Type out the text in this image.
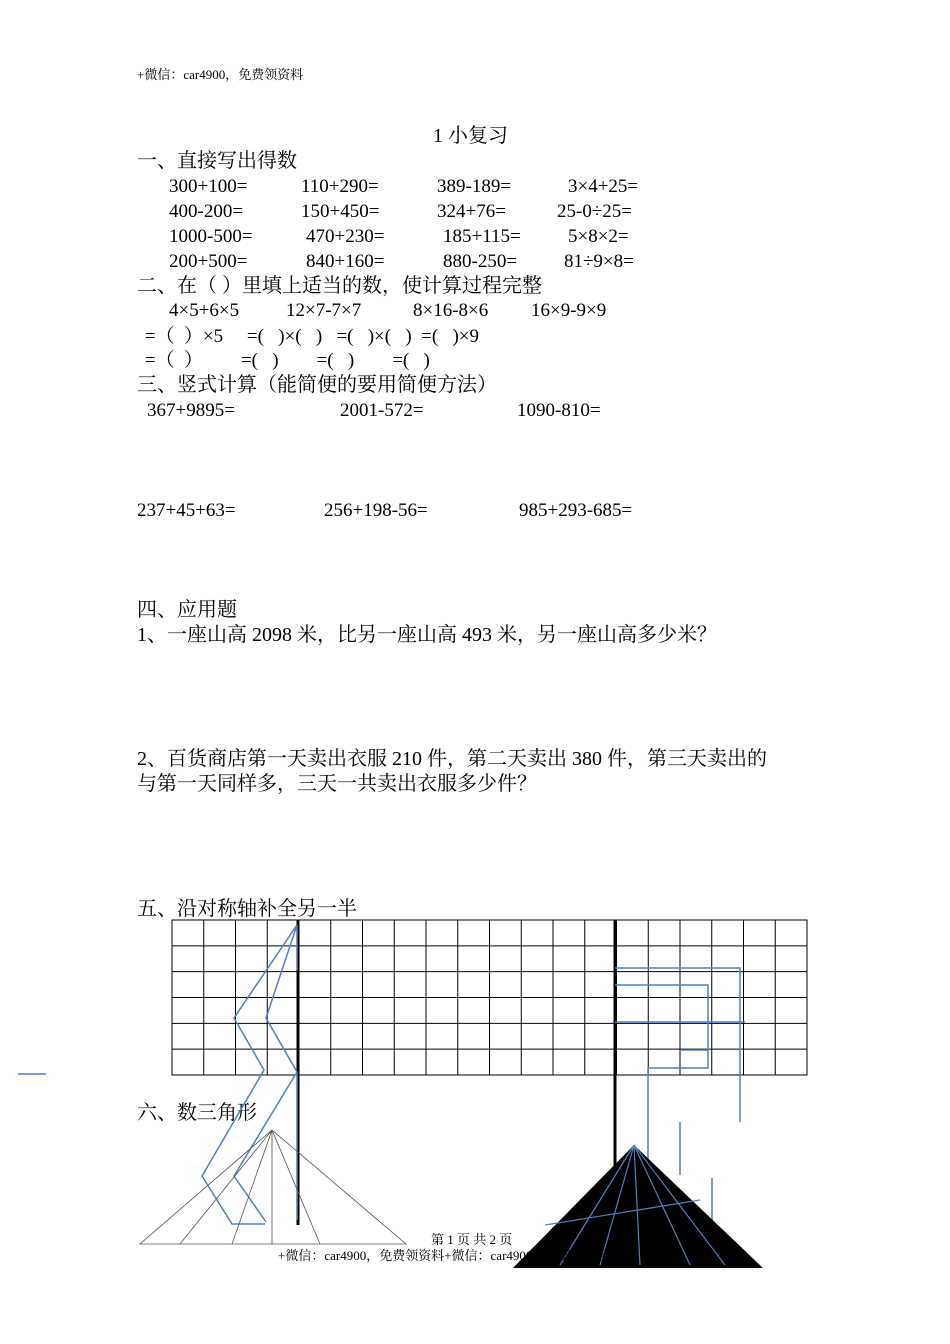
+微信：car4900，免费领资料
1 小复习
一、直接写出得数
300+100=	110+290=	389-189=	3×4+25=
400-200=	150+450=	324+76=	25-0÷25=
1000-500=	470+230=	185+115= 5×8×2=
200+500=	840+160=	880-250= 81÷9×8=
二、在（ ）里填上适当的数，使计算过程完整
4×5+6×5 12×7-7×7	8×16-8×6 16×9-9×9
=（  ）×5     =(   )×(   )   =(   )×(   )  =(   )×9
=（  ）        =(   )        =(   )        =(   )
三、竖式计算（能简便的要用简便方法）
367+9895=	2001-572=	1090-810=
237+45+63=	256+198-56=	985+293-685=
四、应用题
1、一座山高 2098 米，比另一座山高 493 米，另一座山高多少米？
2、百货商店第一天卖出衣服 210 件，第二天卖出 380 件，第三天卖出的
与第一天同样多，三天一共卖出衣服多少件？
五、沿对称轴补全另一半
六、数三角形
第 1 页 共 2 页
+微信：car4900，免费领资料+微信：car4900，免费领资料
